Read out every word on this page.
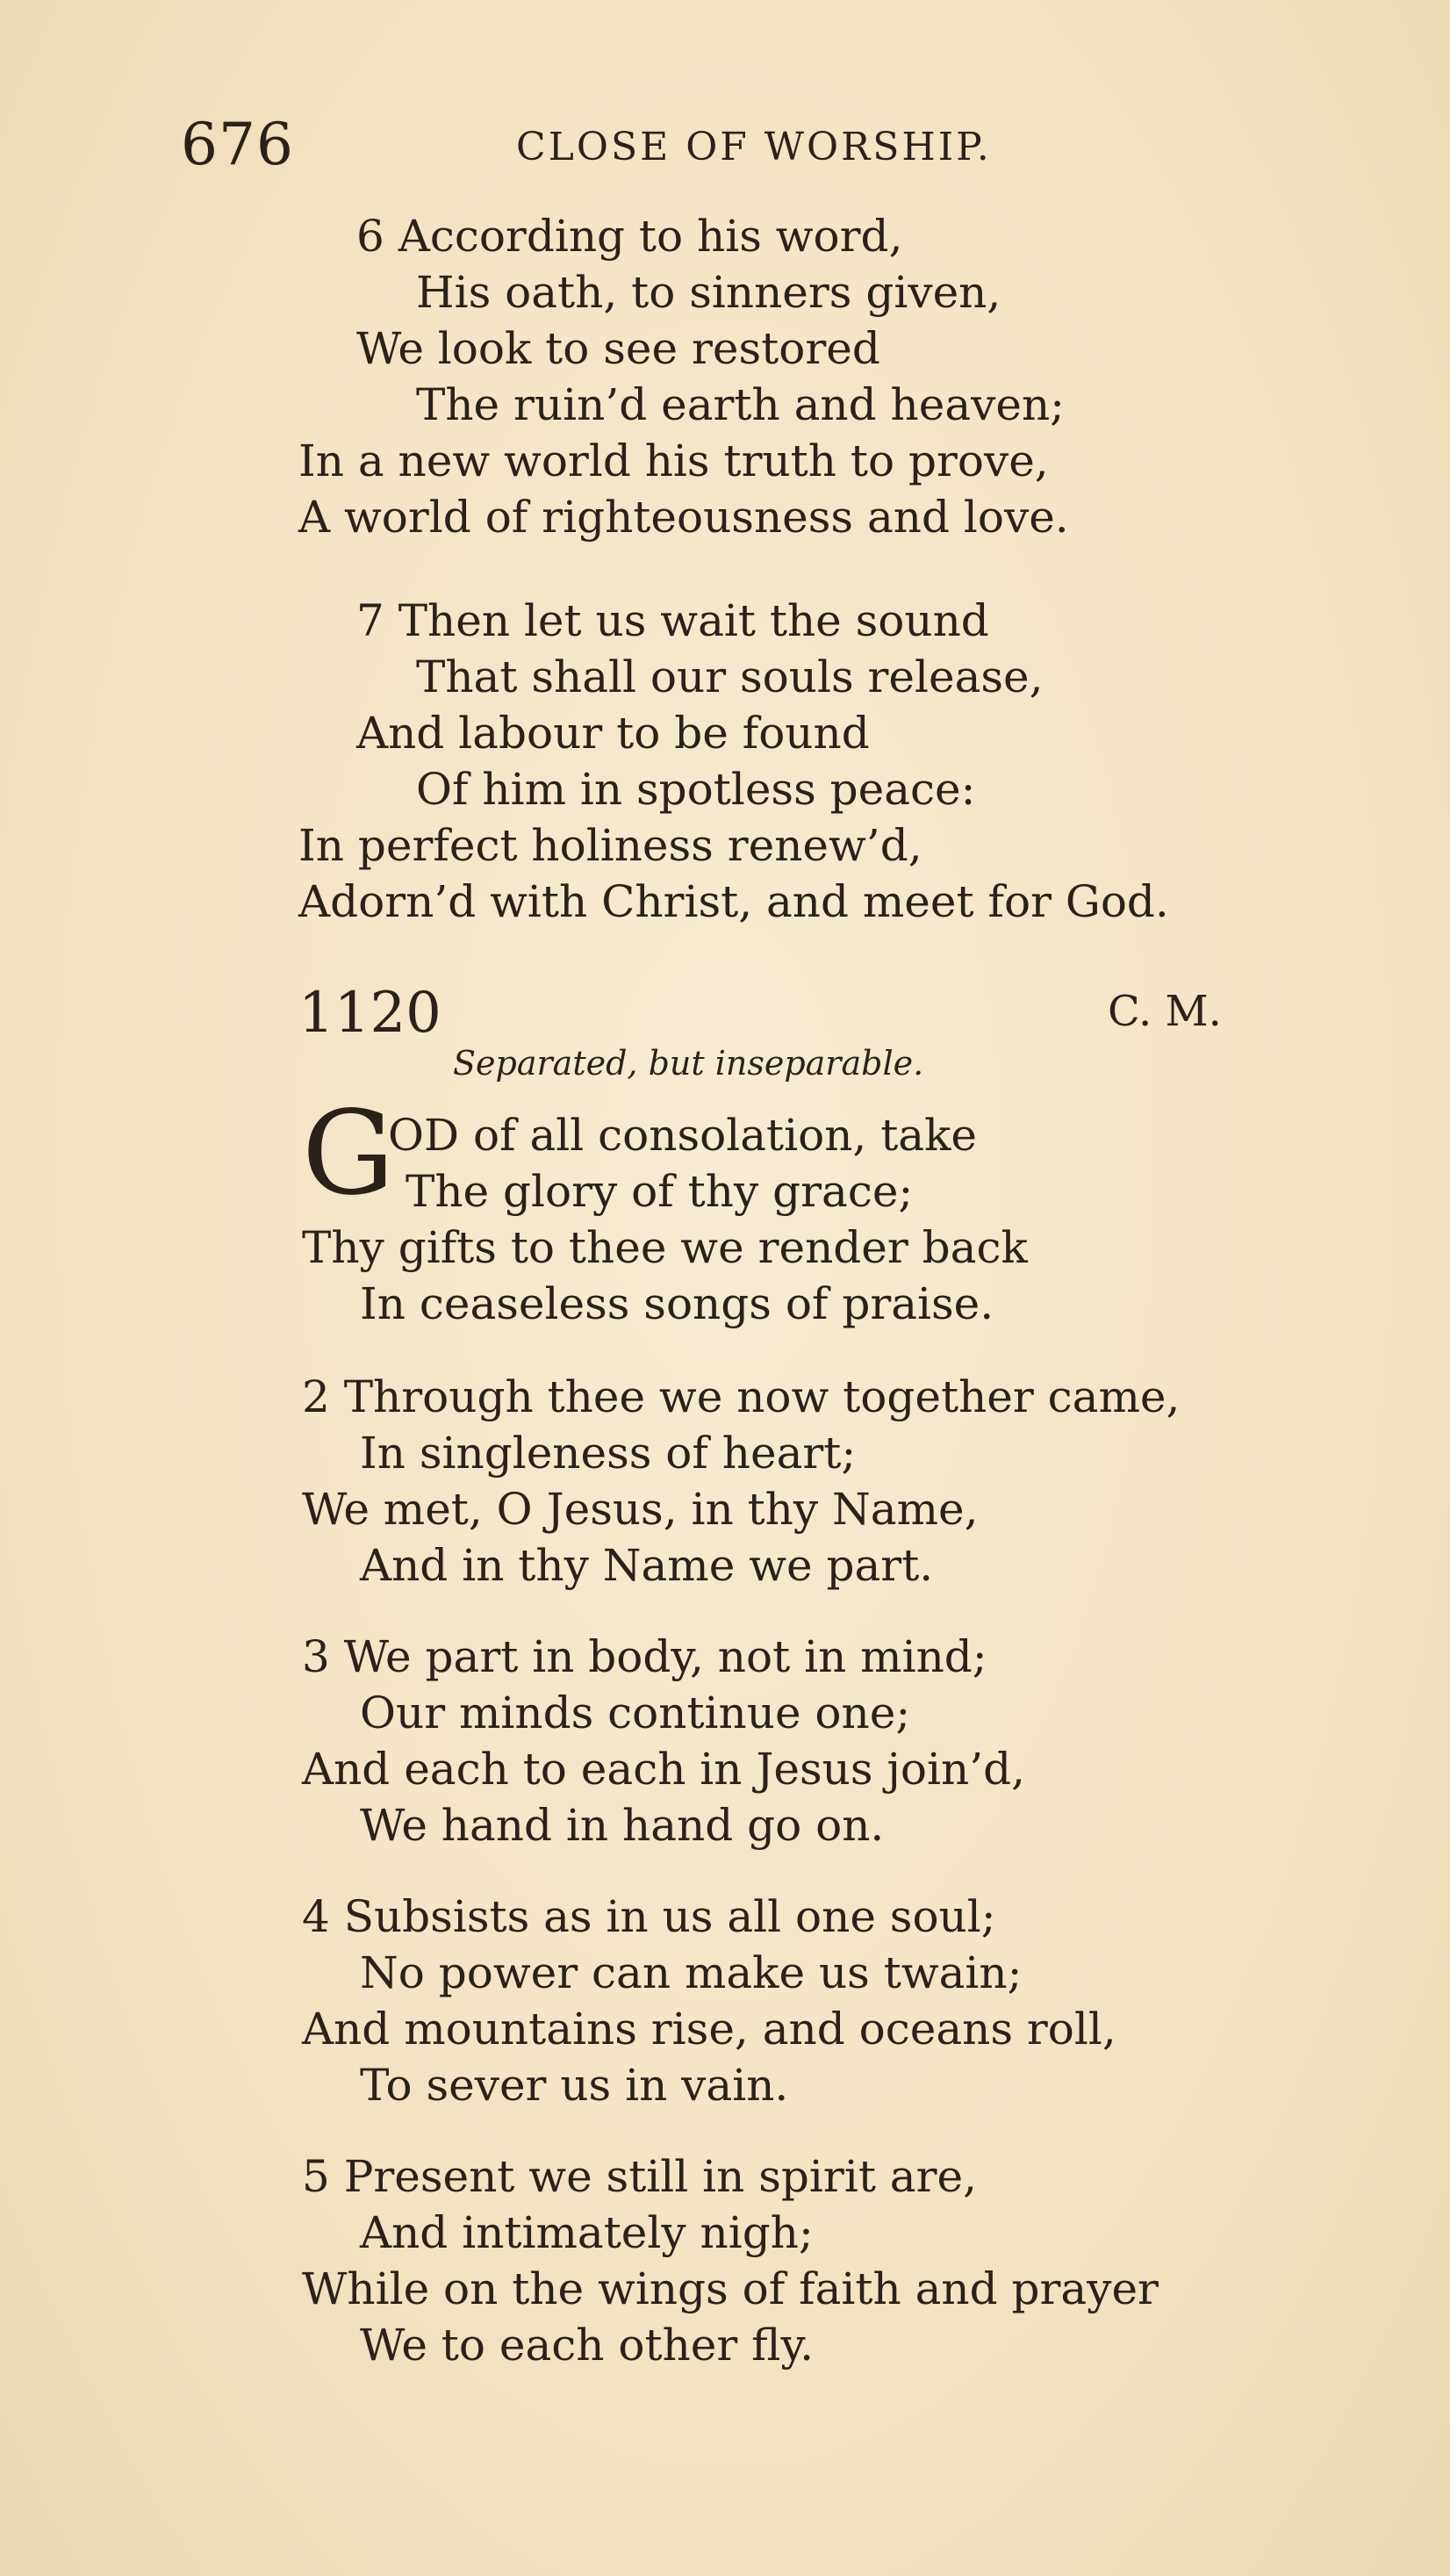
676	CLOSE OF WORSHIP.
6 According to his word,
His oath, to sinners given,
We look to see restored
The ruin’d earth and heaven;
In a new world his truth to prove,
A world of righteousness and love.
7 Then let us wait the sound
That shall our souls release,
And labour to be found
Of him in spotless peace:
In perfect holiness renew’d,
Adorn’d with Christ, and meet for God.
1120	C. M.
Separated, but inseparable.
G
OD of all consolation, take
The glory of thy grace;
Thy gifts to thee we render back
In ceaseless songs of praise.
2 Through thee we now together came,
In singleness of heart;
We met, O Jesus, in thy Name,
And in thy Name we part.
3 We part in body, not in mind;
Our minds continue one;
And each to each in Jesus join’d,
We hand in hand go on.
4 Subsists as in us all one soul;
No power can make us twain;
And mountains rise, and oceans roll,
To sever us in vain.
5 Present we still in spirit are,
And intimately nigh;
While on the wings of faith and prayer
We to each other fly.
